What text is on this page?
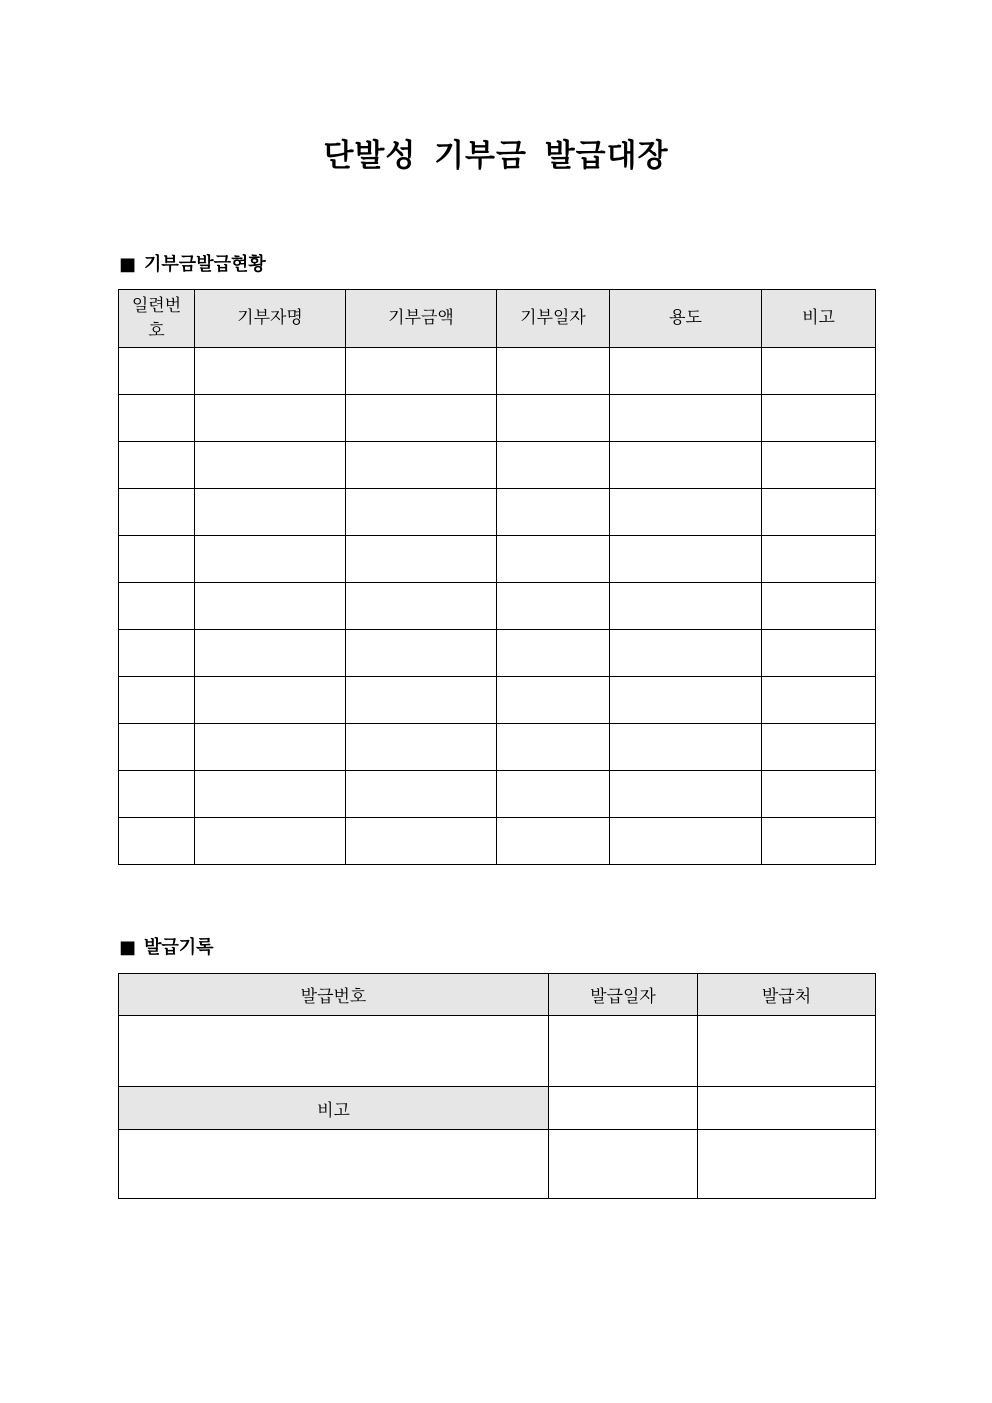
단발성 기부금 발급대장
■ 기부금발급현황
일련번호	기부자명	기부금액	기부일자	용도	비고

■ 발급기록
발급번호	발급일자	발급처

비고		
